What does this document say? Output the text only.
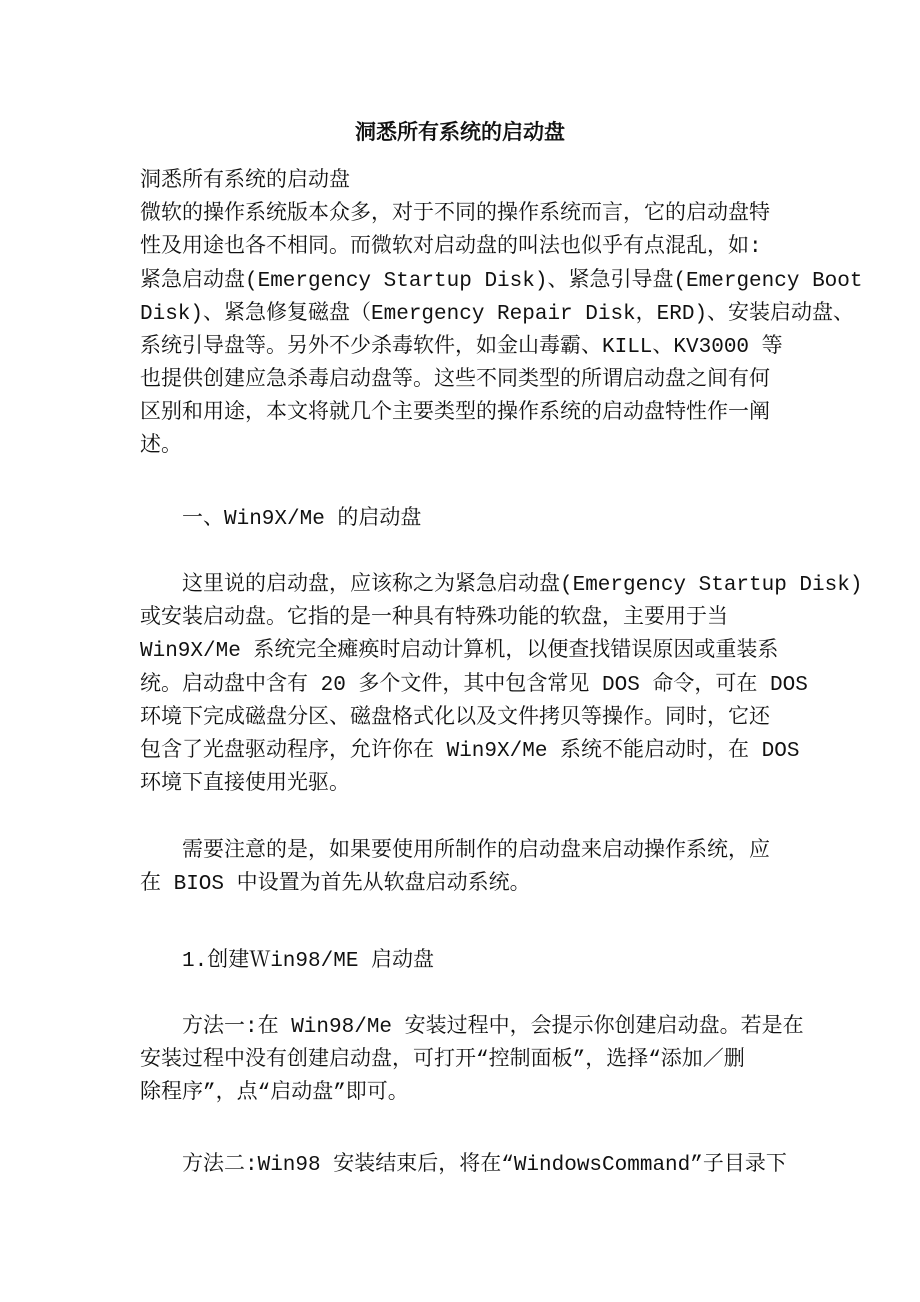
洞悉所有系统的启动盘
洞悉所有系统的启动盘
微软的操作系统版本众多，对于不同的操作系统而言，它的启动盘特
性及用途也各不相同。而微软对启动盘的叫法也似乎有点混乱，如:
紧急启动盘(Emergency Startup Disk)、紧急引导盘(Emergency Boot
Disk)、紧急修复磁盘（Emergency Repair Disk，ERD)、安装启动盘、
系统引导盘等。另外不少杀毒软件，如金山毒霸、KILL、KV3000 等
也提供创建应急杀毒启动盘等。这些不同类型的所谓启动盘之间有何
区别和用途，本文将就几个主要类型的操作系统的启动盘特性作一阐
述。
一、Win9X/Me 的启动盘
这里说的启动盘，应该称之为紧急启动盘(Emergency Startup Disk)
或安装启动盘。它指的是一种具有特殊功能的软盘，主要用于当
Win9X/Me 系统完全瘫痪时启动计算机，以便查找错误原因或重装系
统。启动盘中含有 20 多个文件，其中包含常见 DOS 命令，可在 DOS
环境下完成磁盘分区、磁盘格式化以及文件拷贝等操作。同时，它还
包含了光盘驱动程序，允许你在 Win9X/Me 系统不能启动时，在 DOS
环境下直接使用光驱。
需要注意的是，如果要使用所制作的启动盘来启动操作系统，应
在 BIOS 中设置为首先从软盘启动系统。
1.创建Ｗin98/ME 启动盘
方法一:在 Win98/Me 安装过程中，会提示你创建启动盘。若是在
安装过程中没有创建启动盘，可打开“控制面板”，选择“添加／删
除程序”，点“启动盘”即可。
方法二:Win98 安装结束后，将在“WindowsCommand”子目录下
